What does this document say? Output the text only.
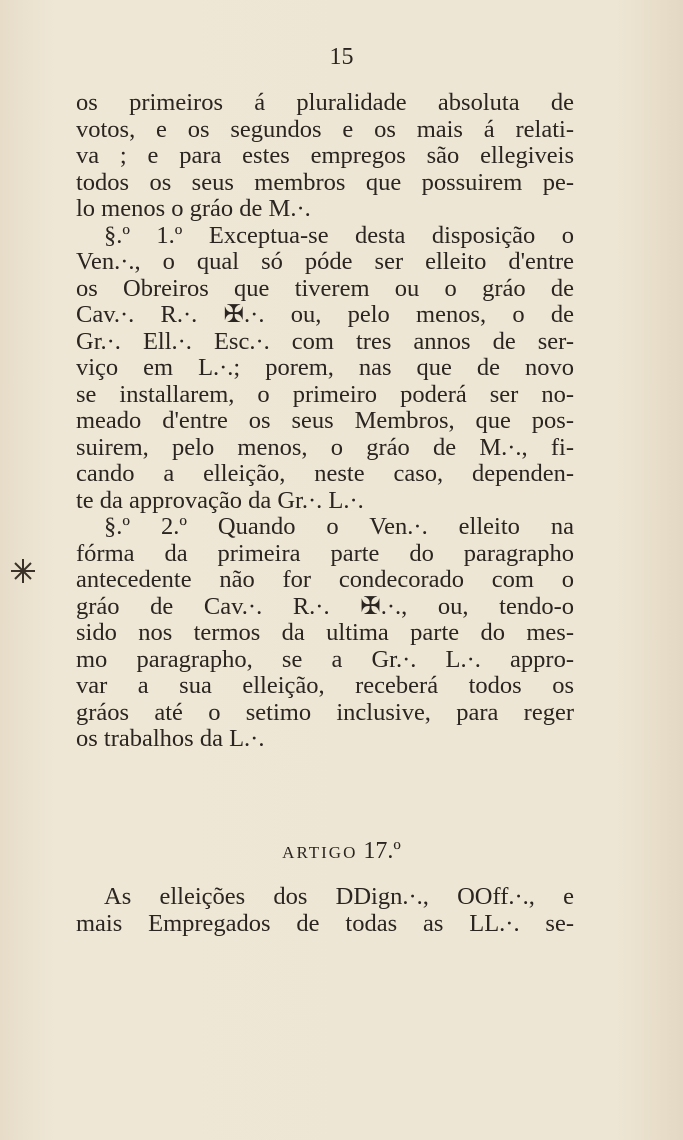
15
os primeiros á pluralidade absoluta de
votos, e os segundos e os mais á relati-
va ; e para estes empregos são ellegiveis
todos os seus membros que possuirem pe-
lo menos o gráo de M.·.
§.º 1.º Exceptua-se desta disposição o
Ven.·., o qual só póde ser elleito d'entre
os Obreiros que tiverem ou o gráo de
Cav.·. R.·. ✠.·. ou, pelo menos, o de
Gr.·. Ell.·. Esc.·. com tres annos de ser-
viço em L.·.; porem, nas que de novo
se installarem, o primeiro poderá ser no-
meado d'entre os seus Membros, que pos-
suirem, pelo menos, o gráo de M.·., fi-
cando a elleição, neste caso, dependen-
te da approvação da Gr.·. L.·.
§.º 2.º Quando o Ven.·. elleito na
fórma da primeira parte do paragrapho
antecedente não for condecorado com o
gráo de Cav.·. R.·. ✠.·., ou, tendo-o
sido nos termos da ultima parte do mes-
mo paragrapho, se a Gr.·. L.·. appro-
var a sua elleição, receberá todos os
gráos até o setimo inclusive, para reger
os trabalhos da L.·.
ARTIGO 17.º
As elleições dos DDign.·., OOff.·., e
mais Empregados de todas as LL.·. se-
